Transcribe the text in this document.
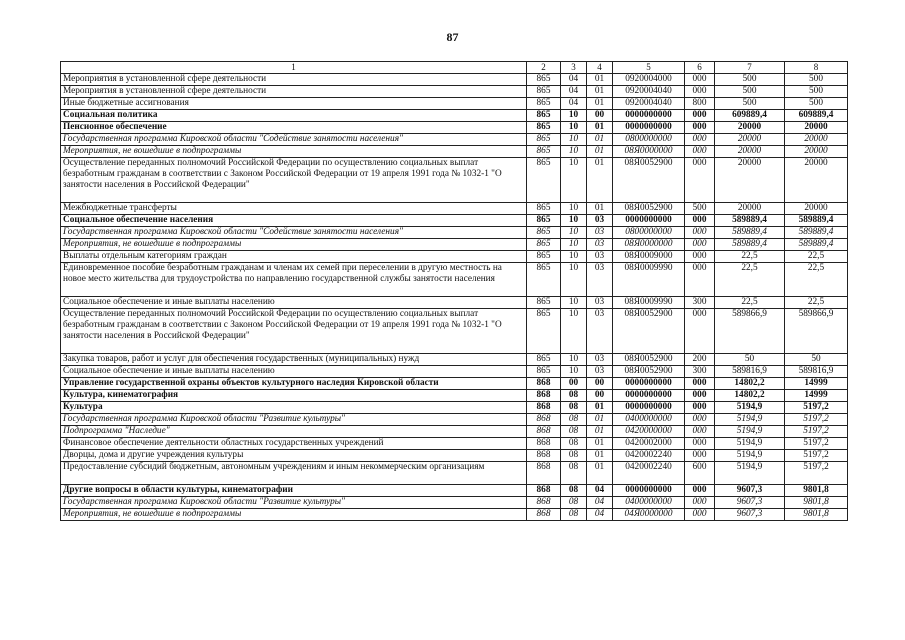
87
1	2	3	4	5	6	7	8
Мероприятия в установленной сфере деятельности	865	04	01	0920004000	000	500	500
Мероприятия в установленной сфере деятельности	865	04	01	0920004040	000	500	500
Иные бюджетные ассигнования	865	04	01	0920004040	800	500	500
Социальная политика	865	10	00	0000000000	000	609889,4	609889,4
Пенсионное обеспечение	865	10	01	0000000000	000	20000	20000
Государственная программа Кировской области "Содействие занятости населения"	865	10	01	0800000000	000	20000	20000
Мероприятия, не вошедшие в подпрограммы	865	10	01	08Я0000000	000	20000	20000
Осуществление переданных полномочий Российской Федерации по осуществлению социальных выплат безработным гражданам в соответствии с Законом Российской Федерации от 19 апреля 1991 года № 1032-1 "О занятости населения в Российской Федерации"	865	10	01	08Я0052900	000	20000	20000
Межбюджетные трансферты	865	10	01	08Я0052900	500	20000	20000
Социальное обеспечение населения	865	10	03	0000000000	000	589889,4	589889,4
Государственная программа Кировской области "Содействие занятости населения"	865	10	03	0800000000	000	589889,4	589889,4
Мероприятия, не вошедшие в подпрограммы	865	10	03	08Я0000000	000	589889,4	589889,4
Выплаты отдельным категориям граждан	865	10	03	08Я0009000	000	22,5	22,5
Единовременное пособие безработным гражданам и членам их семей при переселении в другую местность на новое место жительства для трудоустройства по направлению государственной службы занятости населения	865	10	03	08Я0009990	000	22,5	22,5
Социальное обеспечение и иные выплаты населению	865	10	03	08Я0009990	300	22,5	22,5
Осуществление переданных полномочий Российской Федерации по осуществлению социальных выплат безработным гражданам в соответствии с Законом Российской Федерации от 19 апреля 1991 года № 1032-1 "О занятости населения в Российской Федерации"	865	10	03	08Я0052900	000	589866,9	589866,9
Закупка товаров, работ и услуг для обеспечения государственных (муниципальных) нужд	865	10	03	08Я0052900	200	50	50
Социальное обеспечение и иные выплаты населению	865	10	03	08Я0052900	300	589816,9	589816,9
Управление государственной охраны объектов культурного наследия Кировской области	868	00	00	0000000000	000	14802,2	14999
Культура, кинематография	868	08	00	0000000000	000	14802,2	14999
Культура	868	08	01	0000000000	000	5194,9	5197,2
Государственная программа Кировской области "Развитие культуры"	868	08	01	0400000000	000	5194,9	5197,2
Подпрограмма "Наследие"	868	08	01	0420000000	000	5194,9	5197,2
Финансовое обеспечение деятельности областных государственных учреждений	868	08	01	0420002000	000	5194,9	5197,2
Дворцы, дома и другие учреждения культуры	868	08	01	0420002240	000	5194,9	5197,2
Предоставление субсидий бюджетным, автономным учреждениям и иным некоммерческим организациям	868	08	01	0420002240	600	5194,9	5197,2
Другие вопросы в области культуры, кинематографии	868	08	04	0000000000	000	9607,3	9801,8
Государственная программа Кировской области "Развитие культуры"	868	08	04	0400000000	000	9607,3	9801,8
Мероприятия, не вошедшие в подпрограммы	868	08	04	04Я0000000	000	9607,3	9801,8
